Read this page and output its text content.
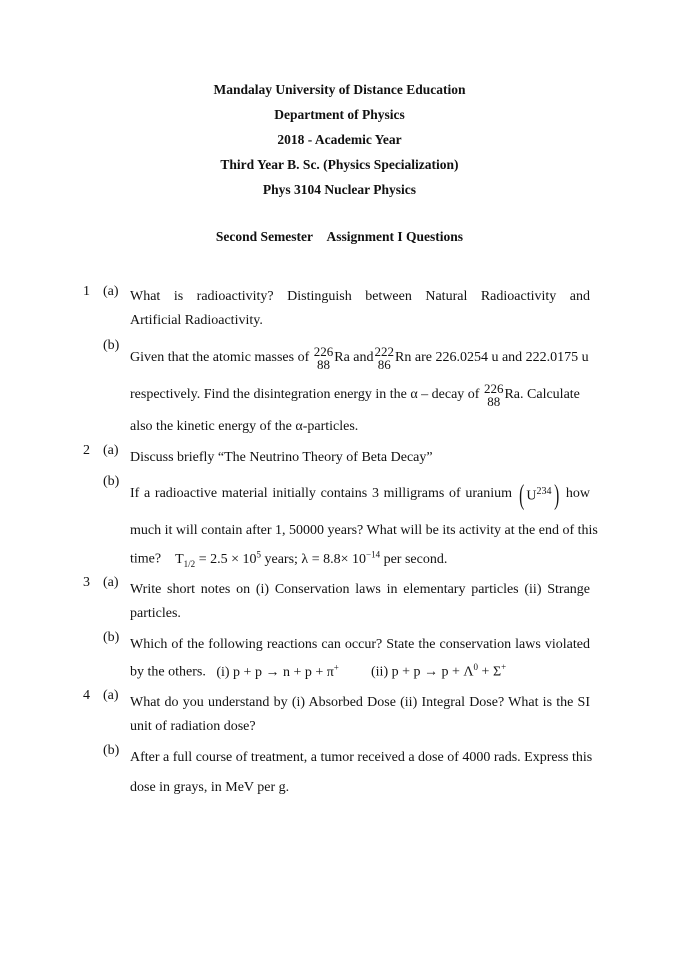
Mandalay University of Distance Education
Department of Physics
2018 - Academic Year
Third Year B. Sc. (Physics Specialization)
Phys 3104 Nuclear Physics
Second Semester Assignment I Questions
1 (a) What is radioactivity? Distinguish between Natural Radioactivity and
Artificial Radioactivity.
(b)
Given that the atomic masses of 226
88 Ra and 222
86 Rn are 226.0254 u and 222.0175 u
respectively. Find the disintegration energy in the α – decay of 226
88 Ra. Calculate
also the kinetic energy of the α-particles.
2 (a) Discuss briefly “The Neutrino Theory of Beta Decay”
(b)
If a radioactive material initially contains 3 milligrams of uranium ( $U^{234}$) how
much it will contain after 1, 50000 years? What will be its activity at the end of this
time? $T_{1/2} = 2.5 \times 10^5$ years; $\lambda = 8.8\times 10^{-14}$ per second.
3 (a) Write short notes on (i) Conservation laws in elementary particles (ii) Strange
particles.
(b) Which of the following reactions can occur? State the conservation laws violated
by the others. (i) p + p → n + p + π+ (ii) $p + p \to p + \Lambda^0 + \Sigma^+$
4 (a) What do you understand by (i) Absorbed Dose (ii) Integral Dose? What is the SI
unit of radiation dose?
(b) After a full course of treatment, a tumor received a dose of 4000 rads. Express this
dose in grays, in MeV per g.
